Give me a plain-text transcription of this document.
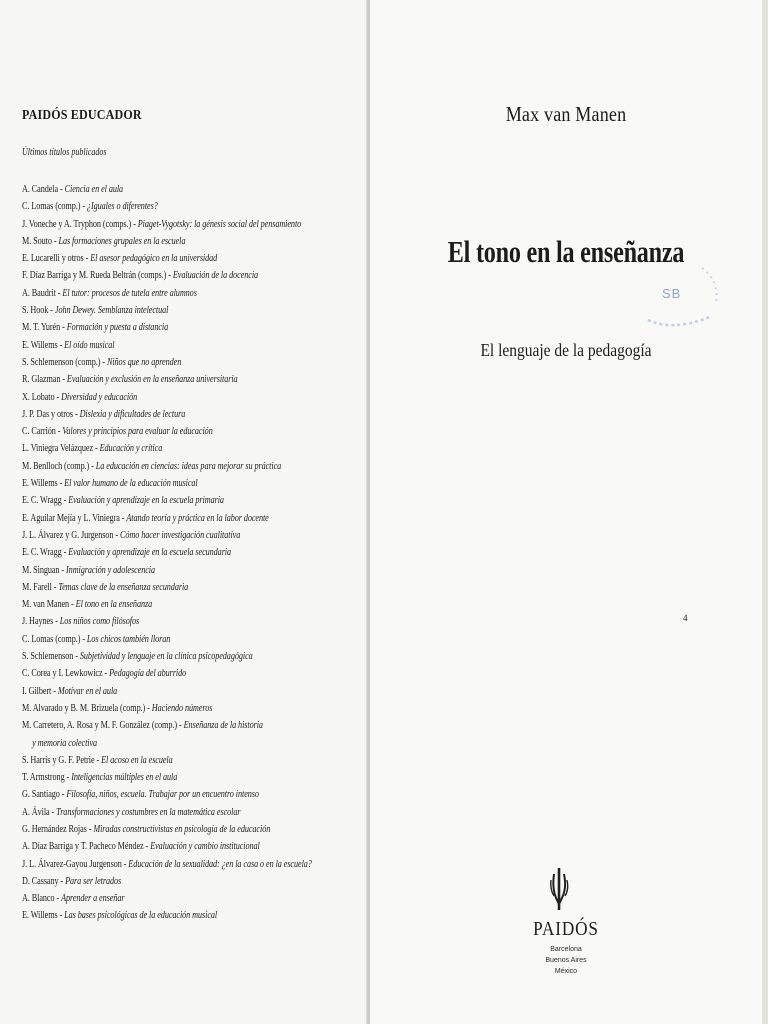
PAIDÓS EDUCADOR
Últimos títulos publicados
A. Candela - Ciencia en el aula
C. Lomas (comp.) - ¿Iguales o diferentes?
J. Voneche y A. Tryphon (comps.) - Piaget-Vygotsky: la génesis social del pensamiento
M. Souto - Las formaciones grupales en la escuela
E. Lucarelli y otros - El asesor pedagógico en la universidad
F. Díaz Barriga y M. Rueda Beltrán (comps.) - Evaluación de la docencia
A. Baudrit - El tutor: procesos de tutela entre alumnos
S. Hook - John Dewey. Semblanza intelectual
M. T. Yurén - Formación y puesta a distancia
E. Willems - El oído musical
S. Schlemenson (comp.) - Niños que no aprenden
R. Glazman - Evaluación y exclusión en la enseñanza universitaria
X. Lobato - Diversidad y educación
J. P. Das y otros - Dislexia y dificultades de lectura
C. Carrión - Valores y principios para evaluar la educación
L. Viniegra Velázquez - Educación y crítica
M. Benlloch (comp.) - La educación en ciencias: ideas para mejorar su práctica
E. Willems - El valor humano de la educación musical
E. C. Wragg - Evaluación y aprendizaje en la escuela primaria
E. Aguilar Mejía y L. Viniegra - Atando teoría y práctica en la labor docente
J. L. Álvarez y G. Jurgenson - Cómo hacer investigación cualitativa
E. C. Wragg - Evaluación y aprendizaje en la escuela secundaria
M. Singuan - Inmigración y adolescencia
M. Farell - Temas clave de la enseñanza secundaria
M. van Manen - El tono en la enseñanza
J. Haynes - Los niños como filósofos
C. Lomas (comp.) - Los chicos también lloran
S. Schlemenson - Subjetividad y lenguaje en la clínica psicopedagógica
C. Corea y I. Lewkowicz - Pedagogía del aburrido
I. Gilbert - Motivar en el aula
M. Alvarado y B. M. Brizuela (comp.) - Haciendo números
M. Carretero, A. Rosa y M. F. González (comp.) - Enseñanza de la historia
y memoria colectiva
S. Harris y G. F. Petrie - El acoso en la escuela
T. Armstrong - Inteligencias múltiples en el aula
G. Santiago - Filosofía, niños, escuela. Trabajar por un encuentro intenso
A. Ávila - Transformaciones y costumbres en la matemática escolar
G. Hernández Rojas - Miradas constructivistas en psicología de la educación
A. Díaz Barriga y T. Pacheco Méndez - Evaluación y cambio institucional
J. L. Álvarez-Gayou Jurgenson - Educación de la sexualidad: ¿en la casa o en la escuela?
D. Cassany - Para ser letrados
A. Blanco - Aprender a enseñar
E. Willems - Las bases psicológicas de la educación musical
Max van Manen
El tono en la enseñanza
El lenguaje de la pedagogía
SB
4
PAIDÓS
Barcelona
Buenos Aires
México
